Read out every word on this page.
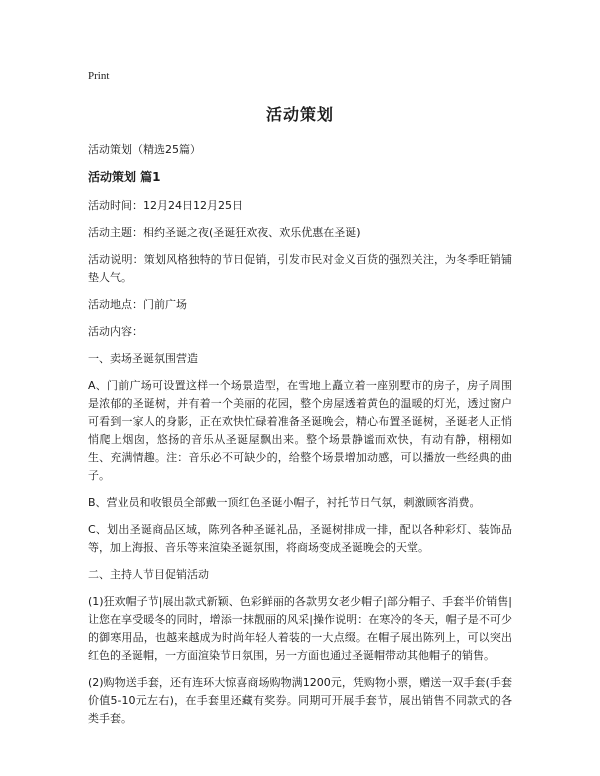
Print
活动策划

活动策划（精选25篇）

活动策划 篇1

活动时间：12月24日12月25日

活动主题：相约圣诞之夜(圣诞狂欢夜、欢乐优惠在圣诞)

活动说明：策划风格独特的节日促销，引发市民对金义百货的强烈关注，为冬季旺销铺垫人气。

活动地点：门前广场

活动内容：

一、卖场圣诞氛围营造

A、门前广场可设置这样一个场景造型，在雪地上矗立着一座别墅市的房子，房子周围是浓郁的圣诞树，并有着一个美丽的花园，整个房屋透着黄色的温暖的灯光，透过窗户可看到一家人的身影，正在欢快忙碌着准备圣诞晚会，精心布置圣诞树，圣诞老人正悄悄爬上烟囱，悠扬的音乐从圣诞屋飘出来。整个场景静谧而欢快，有动有静，栩栩如生、充满情趣。注：音乐必不可缺少的，给整个场景增加动感，可以播放一些经典的曲子。

B、营业员和收银员全部戴一顶红色圣诞小帽子，衬托节日气氛，刺激顾客消费。

C、划出圣诞商品区域，陈列各种圣诞礼品，圣诞树排成一排，配以各种彩灯、装饰品等，加上海报、音乐等来渲染圣诞氛围，将商场变成圣诞晚会的天堂。

二、主持人节目促销活动

(1)狂欢帽子节|展出款式新颖、色彩鲜丽的各款男女老少帽子|部分帽子、手套半价销售|让您在享受暖冬的同时，增添一抹靓丽的风采|操作说明：在寒冷的冬天，帽子是不可少的御寒用品，也越来越成为时尚年轻人着装的一大点缀。在帽子展出陈列上，可以突出红色的圣诞帽，一方面渲染节日氛围，另一方面也通过圣诞帽带动其他帽子的销售。

(2)购物送手套，还有连环大惊喜商场购物满1200元，凭购物小票，赠送一双手套(手套价值5-10元左右)，在手套里还藏有奖券。同期可开展手套节，展出销售不同款式的各类手套。
